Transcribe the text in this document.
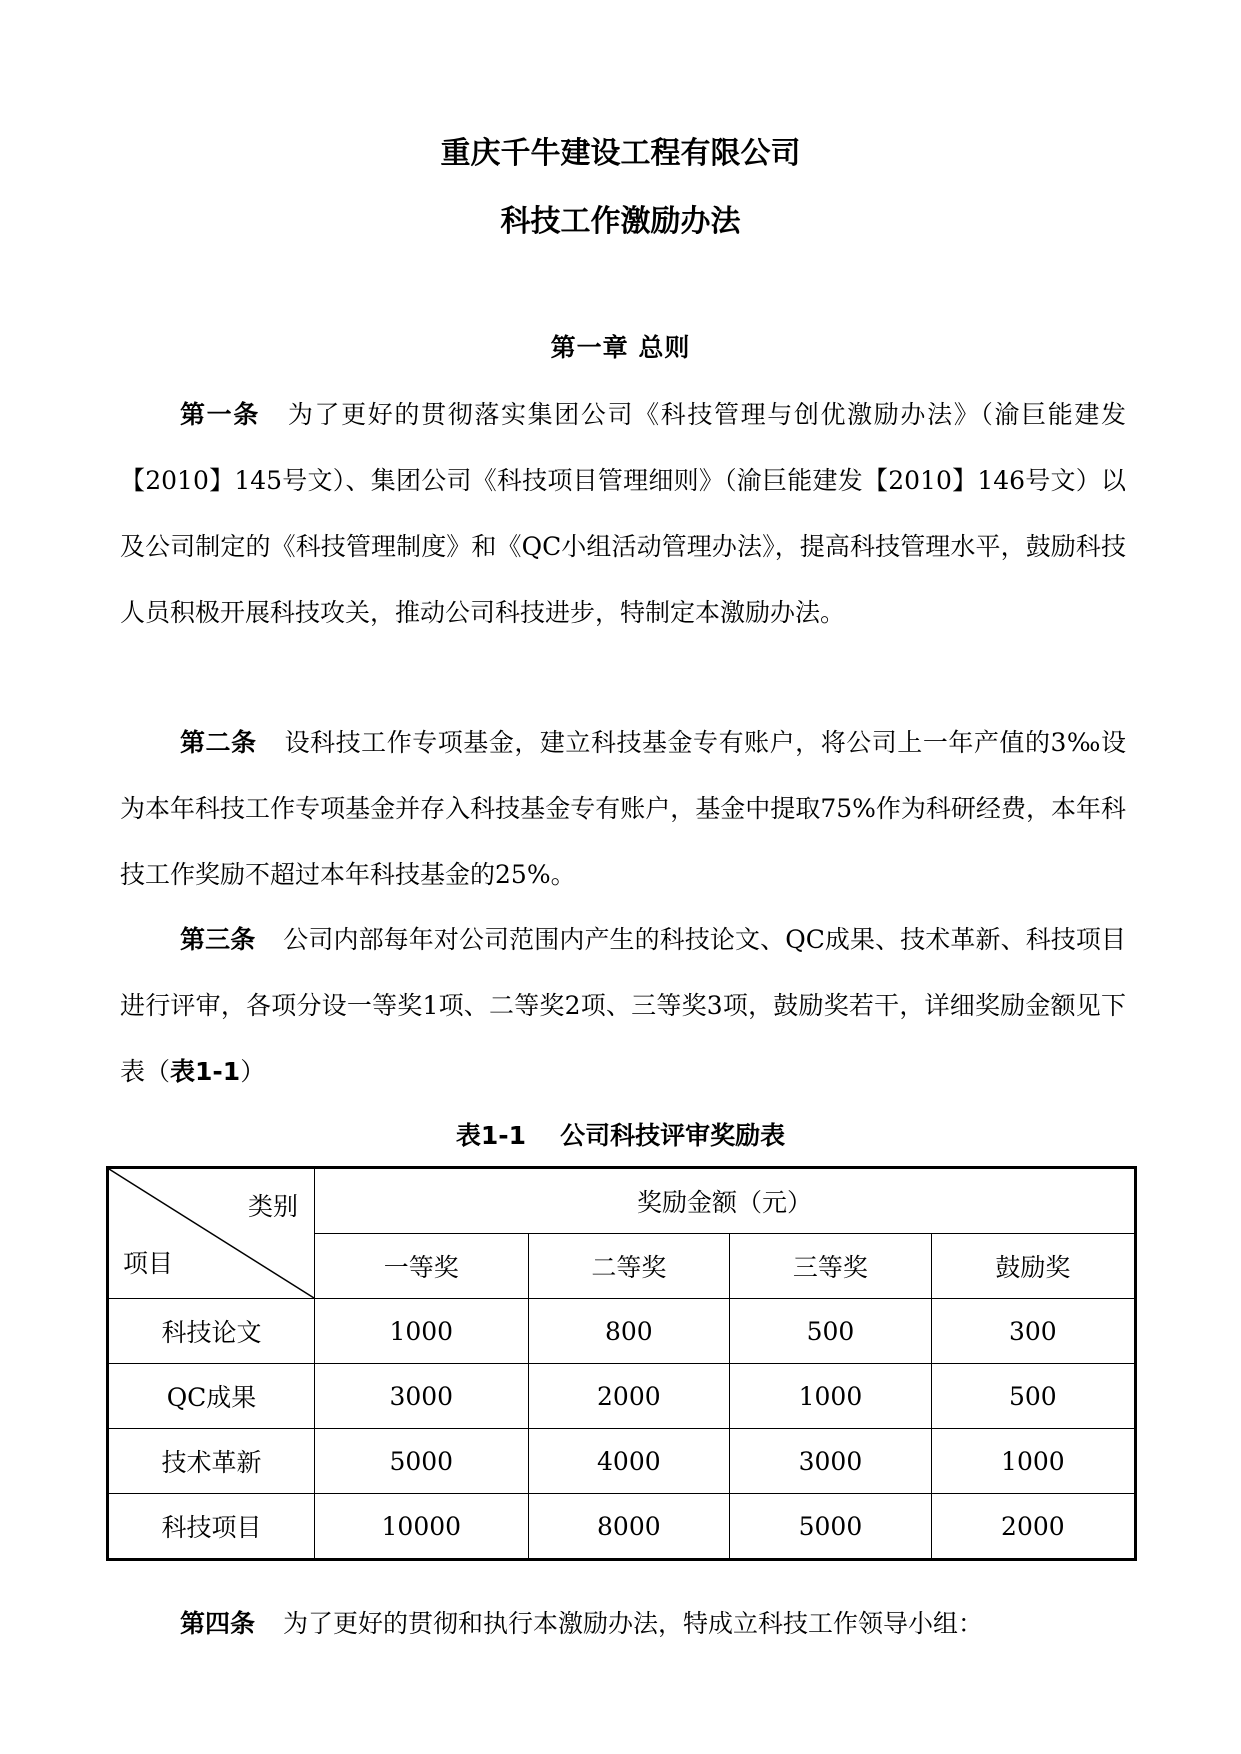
重庆千牛建设工程有限公司
科技工作激励办法
第一章 总则
第一条 为了更好的贯彻落实集团公司《科技管理与创优激励办法》（渝巨能建发【2010】145号文）、集团公司《科技项目管理细则》（渝巨能建发【2010】146号文）以及公司制定的《科技管理制度》和《QC小组活动管理办法》，提高科技管理水平，鼓励科技人员积极开展科技攻关，推动公司科技进步，特制定本激励办法。
第二条 设科技工作专项基金，建立科技基金专有账户，将公司上一年产值的3‰设为本年科技工作专项基金并存入科技基金专有账户，基金中提取75%作为科研经费，本年科技工作奖励不超过本年科技基金的25%。
第三条 公司内部每年对公司范围内产生的科技论文、QC成果、技术革新、科技项目进行评审，各项分设一等奖1项、二等奖2项、三等奖3项，鼓励奖若干，详细奖励金额见下表（表1-1）
表1-1 公司科技评审奖励表
类别
项目	奖励金额（元）			
	一等奖	二等奖	三等奖	鼓励奖
科技论文	1000	800	500	300
QC成果	3000	2000	1000	500
技术革新	5000	4000	3000	1000
科技项目	10000	8000	5000	2000
第四条 为了更好的贯彻和执行本激励办法，特成立科技工作领导小组：
